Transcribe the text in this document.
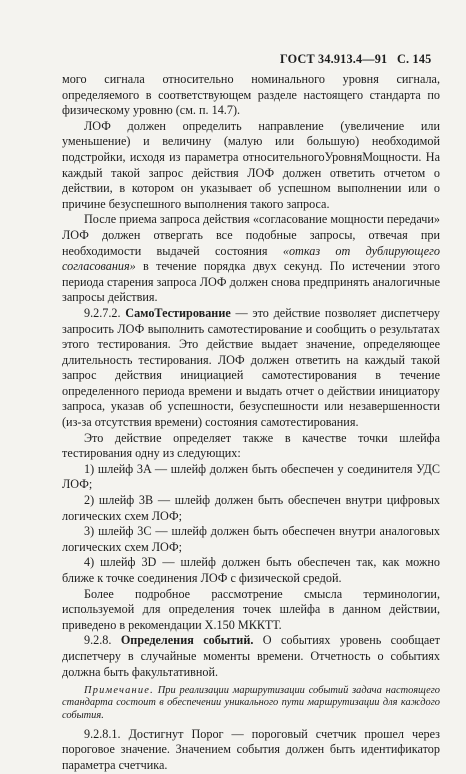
ГОСТ 34.913.4—91 С. 145

мого сигнала относительно номинального уровня сигнала, определяемого в соответствующем разделе настоящего стандарта по физическому уровню (см. п. 14.7).

ЛОФ должен определить направление (увеличение или уменьшение) и величину (малую или большую) необходимой подстройки, исходя из параметра относительногоУровняМощности. На каждый такой запрос действия ЛОФ должен ответить отчетом о действии, в котором он указывает об успешном выполнении или о причине безуспешного выполнения такого запроса.

После приема запроса действия «согласование мощности передачи» ЛОФ должен отвергать все подобные запросы, отвечая при необходимости выдачей состояния «отказ от дублирующего согласования» в течение порядка двух секунд. По истечении этого периода старения запроса ЛОФ должен снова предпринять аналогичные запросы действия.

9.2.7.2. СамоТестирование — это действие позволяет диспетчеру запросить ЛОФ выполнить самотестирование и сообщить о результатах этого тестирования. Это действие выдает значение, определяющее длительность тестирования. ЛОФ должен ответить на каждый такой запрос действия инициацией самотестирования в течение определенного периода времени и выдать отчет о действии инициатору запроса, указав об успешности, безуспешности или незавершенности (из-за отсутствия времени) состояния самотестирования.

Это действие определяет также в качестве точки шлейфа тестирования одну из следующих:

1) шлейф 3A — шлейф должен быть обеспечен у соединителя УДС ЛОФ;

2) шлейф 3B — шлейф должен быть обеспечен внутри цифровых логических схем ЛОФ;

3) шлейф 3C — шлейф должен быть обеспечен внутри аналоговых логических схем ЛОФ;

4) шлейф 3D — шлейф должен быть обеспечен так, как можно ближе к точке соединения ЛОФ с физической средой.

Более подробное рассмотрение смысла терминологии, используемой для определения точек шлейфа в данном действии, приведено в рекомендации X.150 МККТТ.

9.2.8. Определения событий. О событиях уровень сообщает диспетчеру в случайные моменты времени. Отчетность о событиях должна быть факультативной.

Примечание. При реализации маршрутизации событий задача настоящего стандарта состоит в обеспечении уникального пути маршрутизации для каждого события.

9.2.8.1. Достигнут Порог — пороговый счетчик прошел через пороговое значение. Значением события должен быть идентификатор параметра счетчика.
